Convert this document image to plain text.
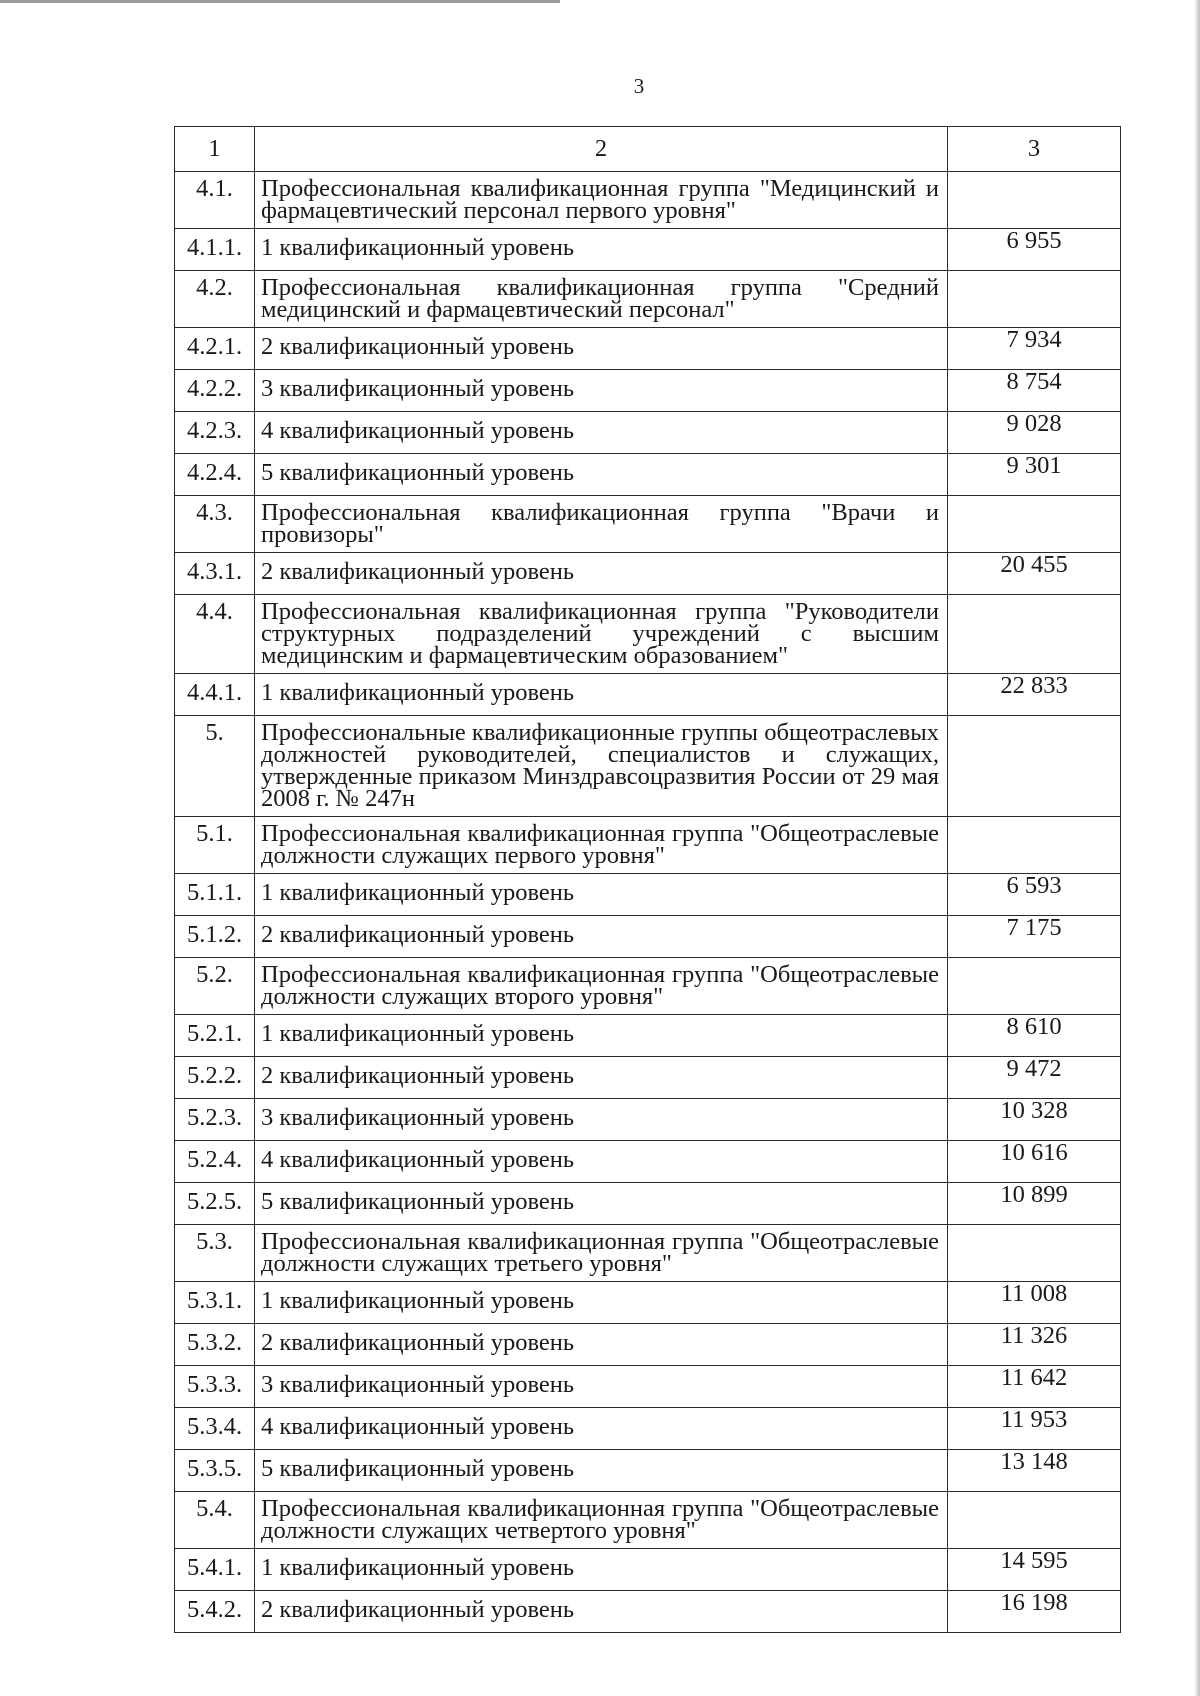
3
1	2	3
4.1.	Профессиональная квалификационная группа "Медицинский и фармацевтический персонал первого уровня"	
4.1.1.	1 квалификационный уровень	6 955
4.2.	Профессиональная квалификационная группа "Средний медицинский и фармацевтический персонал"	
4.2.1.	2 квалификационный уровень	7 934
4.2.2.	3 квалификационный уровень	8 754
4.2.3.	4 квалификационный уровень	9 028
4.2.4.	5 квалификационный уровень	9 301
4.3.	Профессиональная квалификационная группа "Врачи и провизоры"	
4.3.1.	2 квалификационный уровень	20 455
4.4.	Профессиональная квалификационная группа "Руководители структурных подразделений учреждений с высшим медицинским и фармацевтическим образованием"	
4.4.1.	1 квалификационный уровень	22 833
5.	Профессиональные квалификационные группы общеотраслевых должностей руководителей, специалистов и служащих, утвержденные приказом Минздравсоцразвития России от 29 мая 2008 г. № 247н	
5.1.	Профессиональная квалификационная группа "Общеотраслевые должности служащих первого уровня"	
5.1.1.	1 квалификационный уровень	6 593
5.1.2.	2 квалификационный уровень	7 175
5.2.	Профессиональная квалификационная группа "Общеотраслевые должности служащих второго уровня"	
5.2.1.	1 квалификационный уровень	8 610
5.2.2.	2 квалификационный уровень	9 472
5.2.3.	3 квалификационный уровень	10 328
5.2.4.	4 квалификационный уровень	10 616
5.2.5.	5 квалификационный уровень	10 899
5.3.	Профессиональная квалификационная группа "Общеотраслевые должности служащих третьего уровня"	
5.3.1.	1 квалификационный уровень	11 008
5.3.2.	2 квалификационный уровень	11 326
5.3.3.	3 квалификационный уровень	11 642
5.3.4.	4 квалификационный уровень	11 953
5.3.5.	5 квалификационный уровень	13 148
5.4.	Профессиональная квалификационная группа "Общеотраслевые должности служащих четвертого уровня"	
5.4.1.	1 квалификационный уровень	14 595
5.4.2.	2 квалификационный уровень	16 198
